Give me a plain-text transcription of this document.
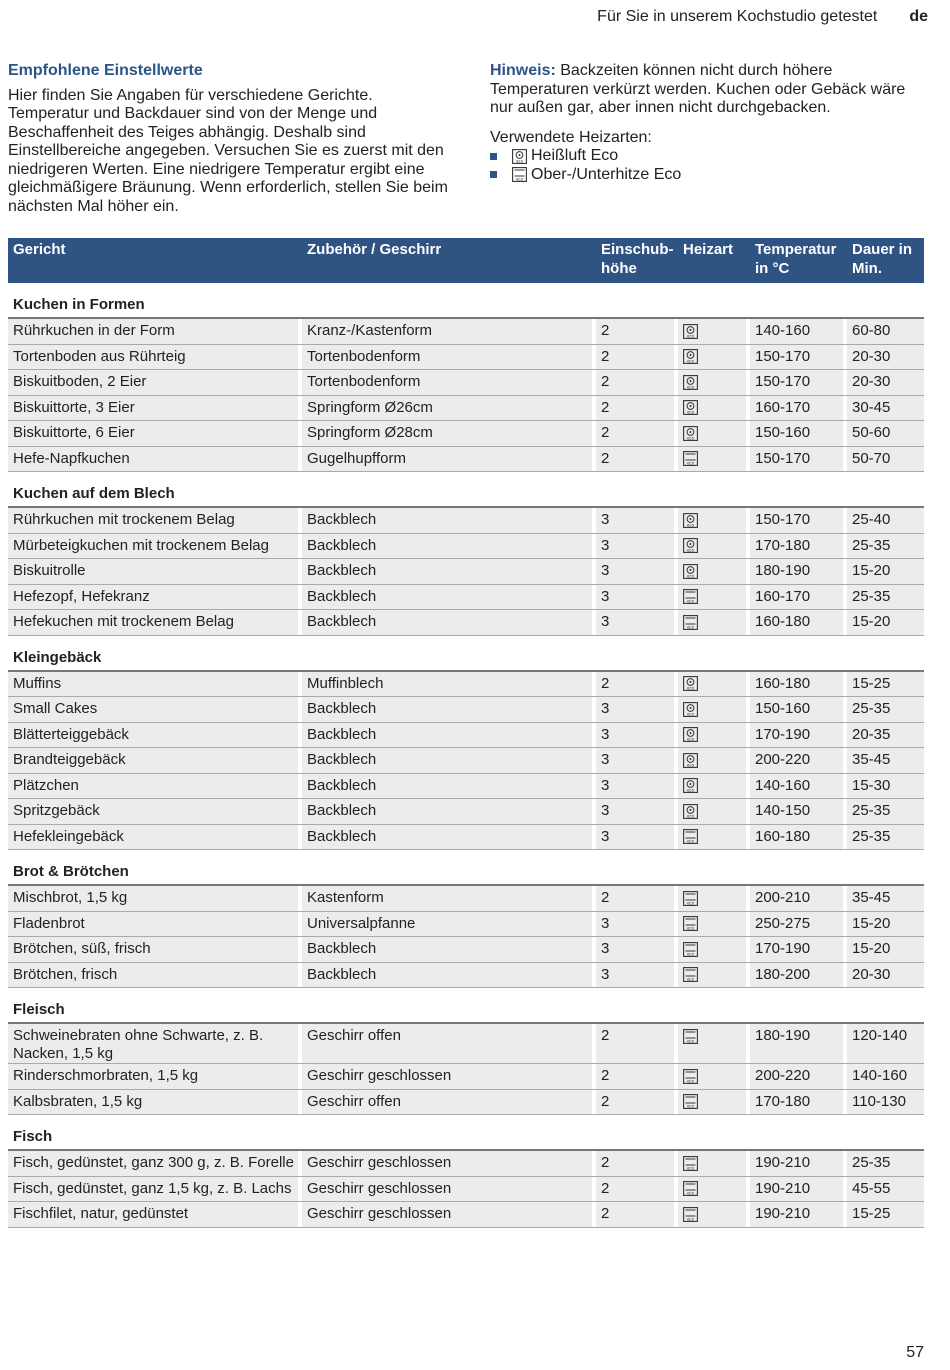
Für Sie in unserem Kochstudio getestet de
Empfohlene Einstellwerte

Hier finden Sie Angaben für verschiedene Gerichte. Temperatur und Backdauer sind von der Menge und Beschaffenheit des Teiges abhängig. Deshalb sind Einstellbereiche angegeben. Versuchen Sie es zuerst mit den niedrigeren Werten. Eine niedrigere Temperatur ergibt eine gleichmäßigere Bräunung. Wenn erforderlich, stellen Sie beim nächsten Mal höher ein.

Hinweis: Backzeiten können nicht durch höhere Temperaturen verkürzt werden. Kuchen oder Gebäck wäre nur außen gar, aber innen nicht durchgebacken.

Verwendete Heizarten:

eco Heißluft Eco
eco Ober-/Unterhitze Eco
Gericht	Zubehör / Geschirr	Einschub-
höhe
Heizart	Temperatur
in °C
Dauer in
Min.
Kuchen in Formen
Rührkuchen in der Form	Kranz-/Kastenform	2	eco	140-160	60-80
Tortenboden aus Rührteig	Tortenbodenform	2	eco	150-170	20-30
Biskuitboden, 2 Eier	Tortenbodenform	2	eco	150-170	20-30
Biskuittorte, 3 Eier	Springform Ø26cm	2	eco	160-170	30-45
Biskuittorte, 6 Eier	Springform Ø28cm	2	eco	150-160	50-60
Hefe-Napfkuchen	Gugelhupfform	2	eco	150-170	50-70
Kuchen auf dem Blech
Rührkuchen mit trockenem Belag	Backblech	3	eco	150-170	25-40
Mürbeteigkuchen mit trockenem Belag	Backblech	3	eco	170-180	25-35
Biskuitrolle	Backblech	3	eco	180-190	15-20
Hefezopf, Hefekranz	Backblech	3	eco	160-170	25-35
Hefekuchen mit trockenem Belag	Backblech	3	eco	160-180	15-20
Kleingebäck
Muffins	Muffinblech	2	eco	160-180	15-25
Small Cakes	Backblech	3	eco	150-160	25-35
Blätterteiggebäck	Backblech	3	eco	170-190	20-35
Brandteiggebäck	Backblech	3	eco	200-220	35-45
Plätzchen	Backblech	3	eco	140-160	15-30
Spritzgebäck	Backblech	3	eco	140-150	25-35
Hefekleingebäck	Backblech	3	eco	160-180	25-35
Brot & Brötchen
Mischbrot, 1,5 kg	Kastenform	2	eco	200-210	35-45
Fladenbrot	Universalpfanne	3	eco	250-275	15-20
Brötchen, süß, frisch	Backblech	3	eco	170-190	15-20
Brötchen, frisch	Backblech	3	eco	180-200	20-30
Fleisch
Schweinebraten ohne Schwarte, z. B. Nacken, 1,5 kg
Geschirr offen	2	eco	180-190	120-140
Rinderschmorbraten, 1,5 kg	Geschirr geschlossen	2	eco	200-220	140-160
Kalbsbraten, 1,5 kg	Geschirr offen	2	eco	170-180	110-130
Fisch
Fisch, gedünstet, ganz 300 g, z. B. Forelle Geschirr geschlossen	2	eco	190-210	25-35
Fisch, gedünstet, ganz 1,5 kg, z. B. Lachs	Geschirr geschlossen	2	eco	190-210	45-55
Fischfilet, natur, gedünstet	Geschirr geschlossen	2	eco	190-210	15-25
57
